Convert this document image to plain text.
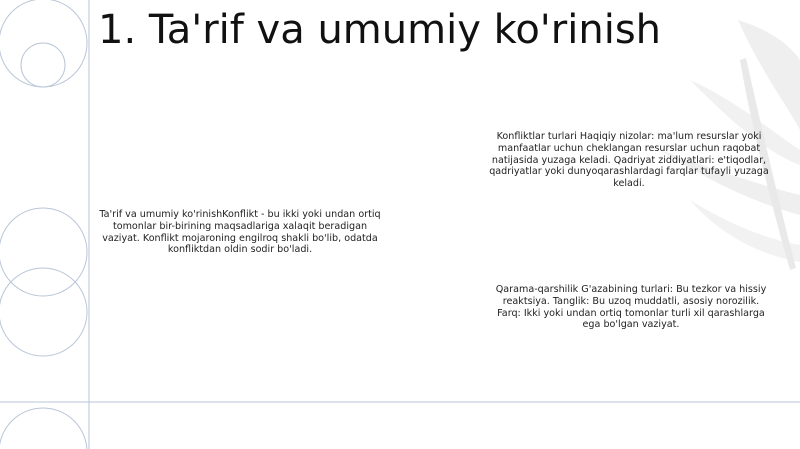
1. Ta'rif va umumiy ko'rinish

Ta'rif va umumiy ko'rinishKonflikt - bu ikki yoki undan ortiq tomonlar bir-birining maqsadlariga xalaqit beradigan vaziyat. Konflikt mojaroning engilroq shakli bo'lib, odatda konfliktdan oldin sodir bo'ladi.

Konfliktlar turlari Haqiqiy nizolar: ma'lum resurslar yoki manfaatlar uchun cheklangan resurslar uchun raqobat natijasida yuzaga keladi. Qadriyat ziddiyatlari: e'tiqodlar, qadriyatlar yoki dunyoqarashlardagi farqlar tufayli yuzaga keladi.

Qarama-qarshilik G'azabining turlari: Bu tezkor va hissiy reaktsiya. Tanglik: Bu uzoq muddatli, asosiy norozilik. Farq: Ikki yoki undan ortiq tomonlar turli xil qarashlarga ega bo'lgan vaziyat.
